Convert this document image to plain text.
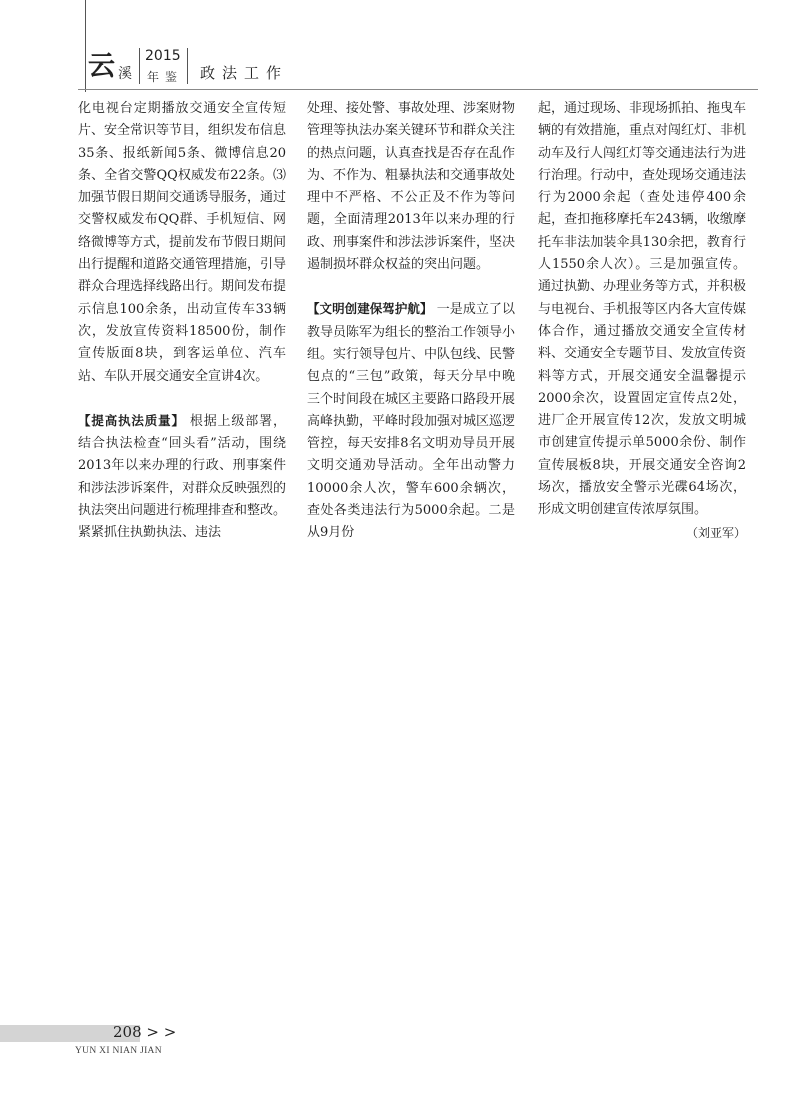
云 溪
2015
年鉴 政法工作

化电视台定期播放交通安全宣传短片、安全常识等节目，组织发布信息35条、报纸新闻5条、微博信息20条、全省交警QQ权威发布22条。⑶加强节假日期间交通诱导服务，通过交警权威发布QQ群、手机短信、网络微博等方式，提前发布节假日期间出行提醒和道路交通管理措施，引导群众合理选择线路出行。期间发布提示信息100余条，出动宣传车33辆次，发放宣传资料18500份，制作宣传版面8块，到客运单位、汽车站、车队开展交通安全宣讲4次。

【提高执法质量】 根据上级部署，结合执法检查“回头看”活动，围绕2013年以来办理的行政、刑事案件和涉法涉诉案件，对群众反映强烈的执法突出问题进行梳理排查和整改。紧紧抓住执勤执法、违法

处理、接处警、事故处理、涉案财物管理等执法办案关键环节和群众关注的热点问题，认真查找是否存在乱作为、不作为、粗暴执法和交通事故处理中不严格、不公正及不作为等问题，全面清理2013年以来办理的行政、刑事案件和涉法涉诉案件，坚决遏制损坏群众权益的突出问题。

【文明创建保驾护航】 一是成立了以教导员陈军为组长的整治工作领导小组。实行领导包片、中队包线、民警包点的“三包”政策，每天分早中晚三个时间段在城区主要路口路段开展高峰执勤，平峰时段加强对城区巡逻管控，每天安排8名文明劝导员开展文明交通劝导活动。全年出动警力10000余人次，警车600余辆次，查处各类违法行为5000余起。二是从9月份

起，通过现场、非现场抓拍、拖曳车辆的有效措施，重点对闯红灯、非机动车及行人闯红灯等交通违法行为进行治理。行动中，查处现场交通违法行为2000余起（查处违停400余起，查扣拖移摩托车243辆，收缴摩托车非法加装伞具130余把，教育行人1550余人次）。三是加强宣传。通过执勤、办理业务等方式，并积极与电视台、手机报等区内各大宣传媒体合作，通过播放交通安全宣传材料、交通安全专题节目、发放宣传资料等方式，开展交通安全温馨提示2000余次，设置固定宣传点2处，进厂企开展宣传12次，发放文明城市创建宣传提示单5000余份、制作宣传展板8块，开展交通安全咨询2场次，播放安全警示光碟64场次，形成文明创建宣传浓厚氛围。

（刘亚军）

208 > >
YUN XI NIAN JIAN
